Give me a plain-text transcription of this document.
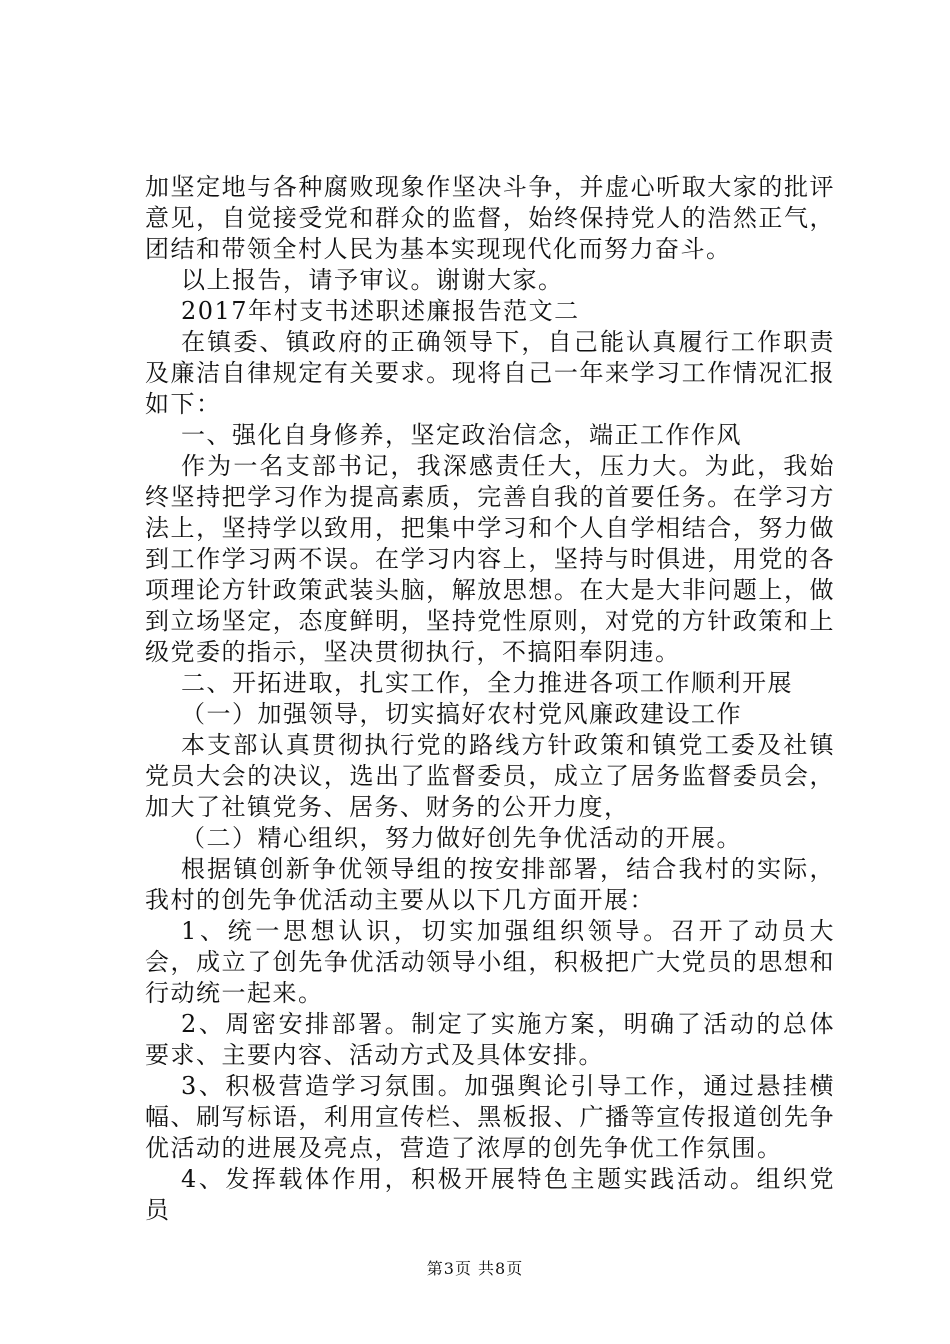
加坚定地与各种腐败现象作坚决斗争，并虚心听取大家的批评意见，自觉接受党和群众的监督，始终保持党人的浩然正气，团结和带领全村人民为基本实现现代化而努力奋斗。

以上报告，请予审议。谢谢大家。

2017年村支书述职述廉报告范文二

在镇委、镇政府的正确领导下，自己能认真履行工作职责及廉洁自律规定有关要求。现将自己一年来学习工作情况汇报如下：

一、强化自身修养，坚定政治信念，端正工作作风

作为一名支部书记，我深感责任大，压力大。为此，我始终坚持把学习作为提高素质，完善自我的首要任务。在学习方法上，坚持学以致用，把集中学习和个人自学相结合，努力做到工作学习两不误。在学习内容上，坚持与时俱进，用党的各项理论方针政策武装头脑，解放思想。在大是大非问题上，做到立场坚定，态度鲜明，坚持党性原则，对党的方针政策和上级党委的指示，坚决贯彻执行，不搞阳奉阴违。

二、开拓进取，扎实工作，全力推进各项工作顺利开展

（一）加强领导，切实搞好农村党风廉政建设工作

本支部认真贯彻执行党的路线方针政策和镇党工委及社镇党员大会的决议，选出了监督委员，成立了居务监督委员会，加大了社镇党务、居务、财务的公开力度，

（二）精心组织，努力做好创先争优活动的开展。

根据镇创新争优领导组的按安排部署，结合我村的实际，我村的创先争优活动主要从以下几方面开展：

1、统一思想认识，切实加强组织领导。召开了动员大会，成立了创先争优活动领导小组，积极把广大党员的思想和行动统一起来。

2、周密安排部署。制定了实施方案，明确了活动的总体要求、主要内容、活动方式及具体安排。

3、积极营造学习氛围。加强舆论引导工作，通过悬挂横幅、刷写标语，利用宣传栏、黑板报、广播等宣传报道创先争优活动的进展及亮点，营造了浓厚的创先争优工作氛围。

4、发挥载体作用，积极开展特色主题实践活动。组织党员

第3页 共8页
